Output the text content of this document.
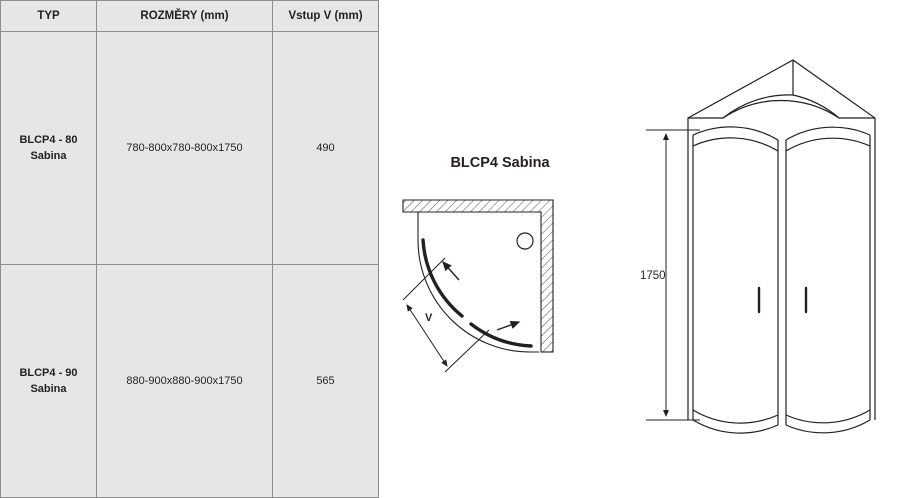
TYP	ROZMĚRY (mm)	Vstup V (mm)

BLCP4 - 80
Sabina	780-800x780-800x1750	490

BLCP4 - 90
Sabina	880-900x880-900x1750	565
BLCP4 Sabina
V
1750
